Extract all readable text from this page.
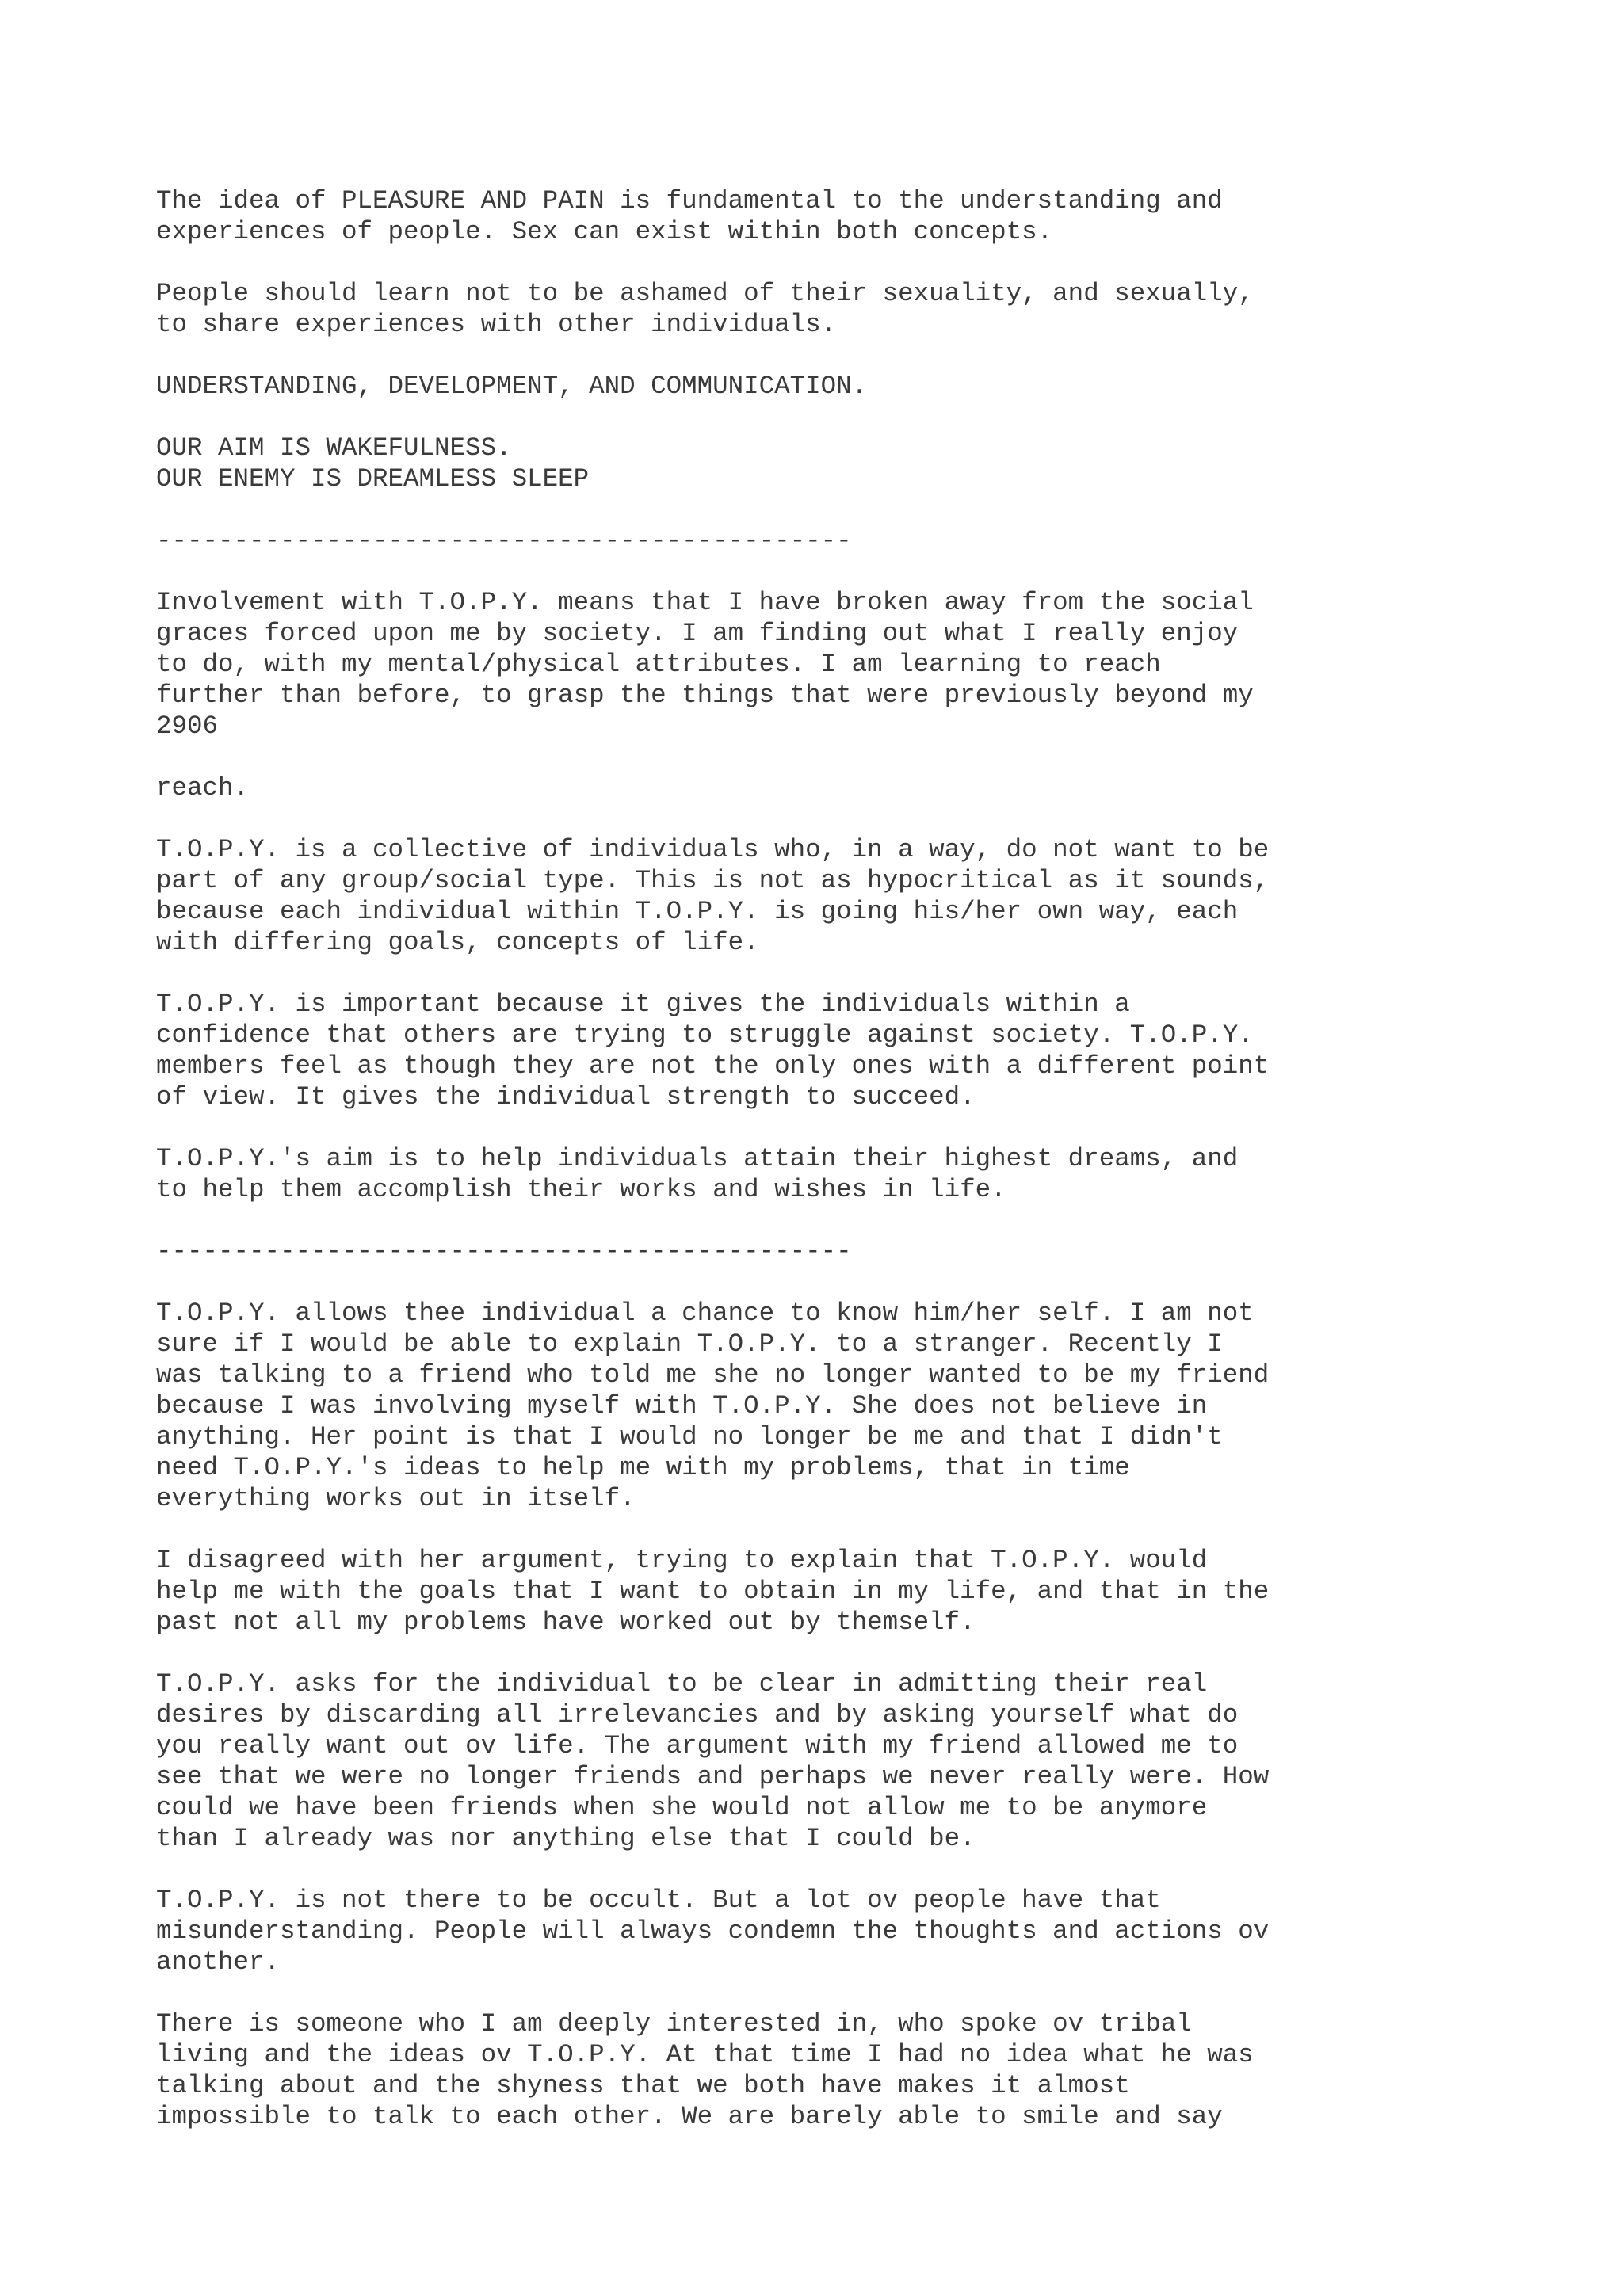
The idea of PLEASURE AND PAIN is fundamental to the understanding and
experiences of people. Sex can exist within both concepts.
People should learn not to be ashamed of their sexuality, and sexually,
to share experiences with other individuals.
UNDERSTANDING, DEVELOPMENT, AND COMMUNICATION.
OUR AIM IS WAKEFULNESS.
OUR ENEMY IS DREAMLESS SLEEP
---------------------------------------------
Involvement with T.O.P.Y. means that I have broken away from the social
graces forced upon me by society. I am finding out what I really enjoy
to do, with my mental/physical attributes. I am learning to reach
further than before, to grasp the things that were previously beyond my
2906
reach.
T.O.P.Y. is a collective of individuals who, in a way, do not want to be
part of any group/social type. This is not as hypocritical as it sounds,
because each individual within T.O.P.Y. is going his/her own way, each
with differing goals, concepts of life.
T.O.P.Y. is important because it gives the individuals within a
confidence that others are trying to struggle against society. T.O.P.Y.
members feel as though they are not the only ones with a different point
of view. It gives the individual strength to succeed.
T.O.P.Y.'s aim is to help individuals attain their highest dreams, and
to help them accomplish their works and wishes in life.
---------------------------------------------
T.O.P.Y. allows thee individual a chance to know him/her self. I am not
sure if I would be able to explain T.O.P.Y. to a stranger. Recently I
was talking to a friend who told me she no longer wanted to be my friend
because I was involving myself with T.O.P.Y. She does not believe in
anything. Her point is that I would no longer be me and that I didn't
need T.O.P.Y.'s ideas to help me with my problems, that in time
everything works out in itself.
I disagreed with her argument, trying to explain that T.O.P.Y. would
help me with the goals that I want to obtain in my life, and that in the
past not all my problems have worked out by themself.
T.O.P.Y. asks for the individual to be clear in admitting their real
desires by discarding all irrelevancies and by asking yourself what do
you really want out ov life. The argument with my friend allowed me to
see that we were no longer friends and perhaps we never really were. How
could we have been friends when she would not allow me to be anymore
than I already was nor anything else that I could be.
T.O.P.Y. is not there to be occult. But a lot ov people have that
misunderstanding. People will always condemn the thoughts and actions ov
another.
There is someone who I am deeply interested in, who spoke ov tribal
living and the ideas ov T.O.P.Y. At that time I had no idea what he was
talking about and the shyness that we both have makes it almost
impossible to talk to each other. We are barely able to smile and say
